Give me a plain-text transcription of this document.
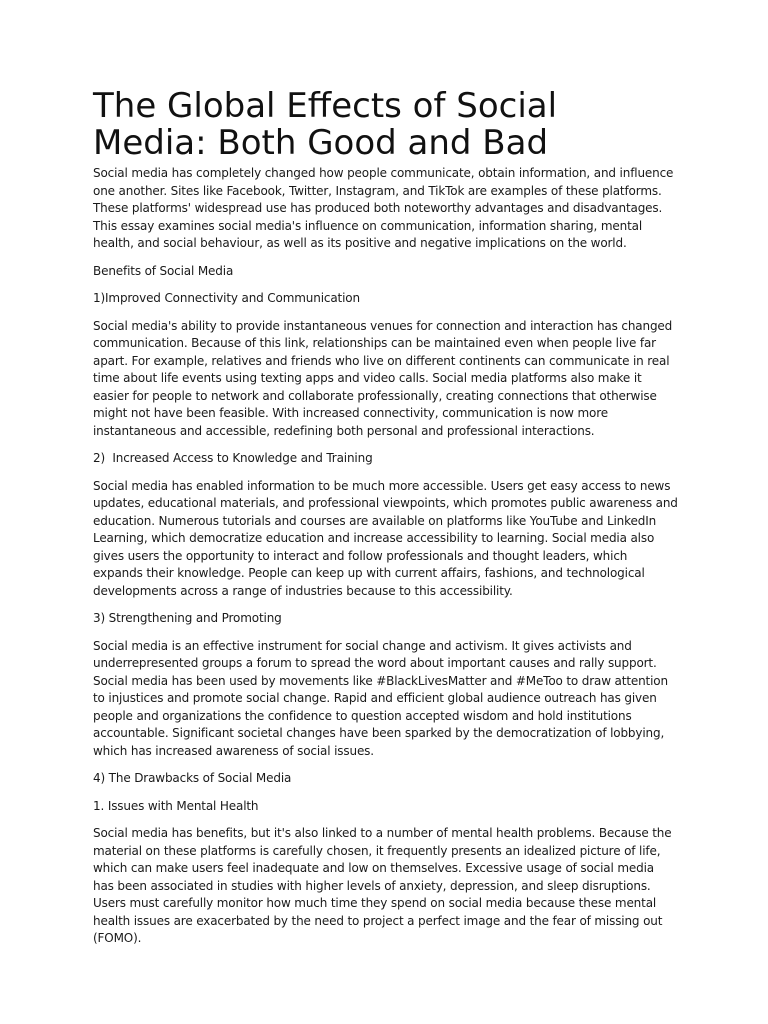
The Global Effects of Social Media: Both Good and Bad

Social media has completely changed how people communicate, obtain information, and influence one another. Sites like Facebook, Twitter, Instagram, and TikTok are examples of these platforms. These platforms' widespread use has produced both noteworthy advantages and disadvantages. This essay examines social media's influence on communication, information sharing, mental health, and social behaviour, as well as its positive and negative implications on the world.

Benefits of Social Media

1)Improved Connectivity and Communication

Social media's ability to provide instantaneous venues for connection and interaction has changed communication. Because of this link, relationships can be maintained even when people live far apart. For example, relatives and friends who live on different continents can communicate in real time about life events using texting apps and video calls. Social media platforms also make it easier for people to network and collaborate professionally, creating connections that otherwise might not have been feasible. With increased connectivity, communication is now more instantaneous and accessible, redefining both personal and professional interactions.

2)  Increased Access to Knowledge and Training

Social media has enabled information to be much more accessible. Users get easy access to news updates, educational materials, and professional viewpoints, which promotes public awareness and education. Numerous tutorials and courses are available on platforms like YouTube and LinkedIn Learning, which democratize education and increase accessibility to learning. Social media also gives users the opportunity to interact and follow professionals and thought leaders, which expands their knowledge. People can keep up with current affairs, fashions, and technological developments across a range of industries because to this accessibility.

3) Strengthening and Promoting

Social media is an effective instrument for social change and activism. It gives activists and underrepresented groups a forum to spread the word about important causes and rally support. Social media has been used by movements like #BlackLivesMatter and #MeToo to draw attention to injustices and promote social change. Rapid and efficient global audience outreach has given people and organizations the confidence to question accepted wisdom and hold institutions accountable. Significant societal changes have been sparked by the democratization of lobbying, which has increased awareness of social issues.

4) The Drawbacks of Social Media

1. Issues with Mental Health

Social media has benefits, but it's also linked to a number of mental health problems. Because the material on these platforms is carefully chosen, it frequently presents an idealized picture of life, which can make users feel inadequate and low on themselves. Excessive usage of social media has been associated in studies with higher levels of anxiety, depression, and sleep disruptions. Users must carefully monitor how much time they spend on social media because these mental health issues are exacerbated by the need to project a perfect image and the fear of missing out (FOMO).
